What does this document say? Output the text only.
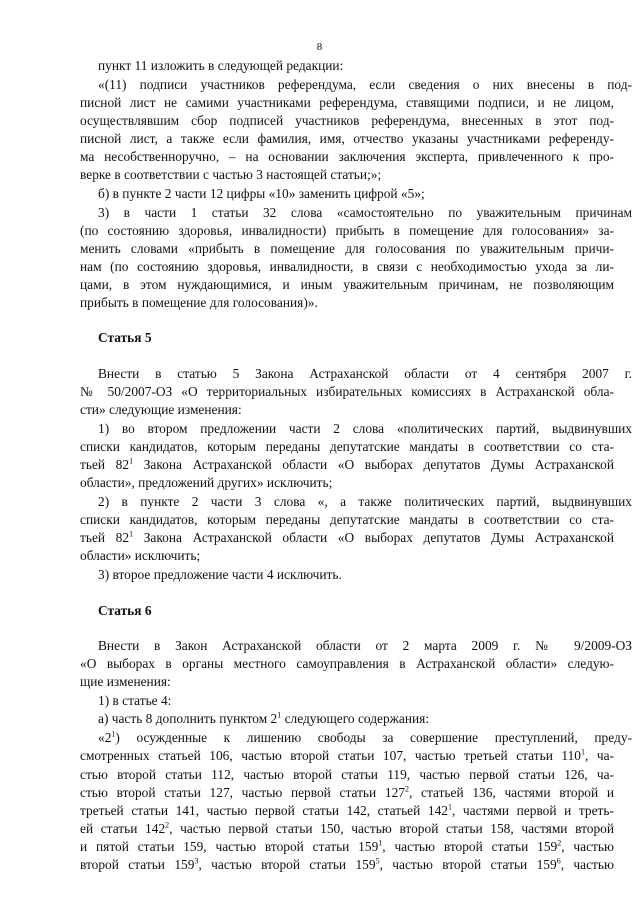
8
пункт 11 изложить в следующей редакции:
«(11) подписи участников референдума, если сведения о них внесены в под-
писной лист не самими участниками референдума, ставящими подписи, и не лицом,
осуществлявшим сбор подписей участников референдума, внесенных в этот под-
писной лист, а также если фамилия, имя, отчество указаны участниками референду-
ма несобственноручно, – на основании заключения эксперта, привлеченного к про-
верке в соответствии с частью 3 настоящей статьи;»;
б) в пункте 2 части 12 цифры «10» заменить цифрой «5»;
3) в части 1 статьи 32 слова «самостоятельно по уважительным причинам
(по состоянию здоровья, инвалидности) прибыть в помещение для голосования» за-
менить словами «прибыть в помещение для голосования по уважительным причи-
нам (по состоянию здоровья, инвалидности, в связи с необходимостью ухода за ли-
цами, в этом нуждающимися, и иным уважительным причинам, не позволяющим
прибыть в помещение для голосования)».
Статья 5
Внести в статью 5 Закона Астраханской области от 4 сентября 2007 г.
№ 50/2007-ОЗ «О территориальных избирательных комиссиях в Астраханской обла-
сти» следующие изменения:
1) во втором предложении части 2 слова «политических партий, выдвинувших
списки кандидатов, которым переданы депутатские мандаты в соответствии со ста-
тьей $82^1$ Закона Астраханской области «О выборах депутатов Думы Астраханской
области», предложений других» исключить;
2) в пункте 2 части 3 слова «, а также политических партий, выдвинувших
списки кандидатов, которым переданы депутатские мандаты в соответствии со ста-
тьей $82^1$ Закона Астраханской области «О выборах депутатов Думы Астраханской
области» исключить;
3) второе предложение части 4 исключить.
Статья 6
Внести в Закон Астраханской области от 2 марта 2009 г. № 9/2009-ОЗ
«О выборах в органы местного самоуправления в Астраханской области» следую-
щие изменения:
1) в статье 4:
а) часть 8 дополнить пунктом $2^1$ следующего содержания:
«$2^1$) осужденные к лишению свободы за совершение преступлений, преду-
смотренных статьей 106, частью второй статьи 107, частью третьей статьи $110^1$, ча-
стью второй статьи 112, частью второй статьи 119, частью первой статьи 126, ча-
стью второй статьи 127, частью первой статьи $127^2$, статьей 136, частями второй и
третьей статьи 141, частью первой статьи 142, статьей $142^1$, частями первой и треть-
ей статьи $142^2$, частью первой статьи 150, частью второй статьи 158, частями второй
и пятой статьи 159, частью второй статьи $159^1$, частью второй статьи $159^2$, частью
второй статьи $159^3$, частью второй статьи $159^5$, частью второй статьи $159^6$, частью
